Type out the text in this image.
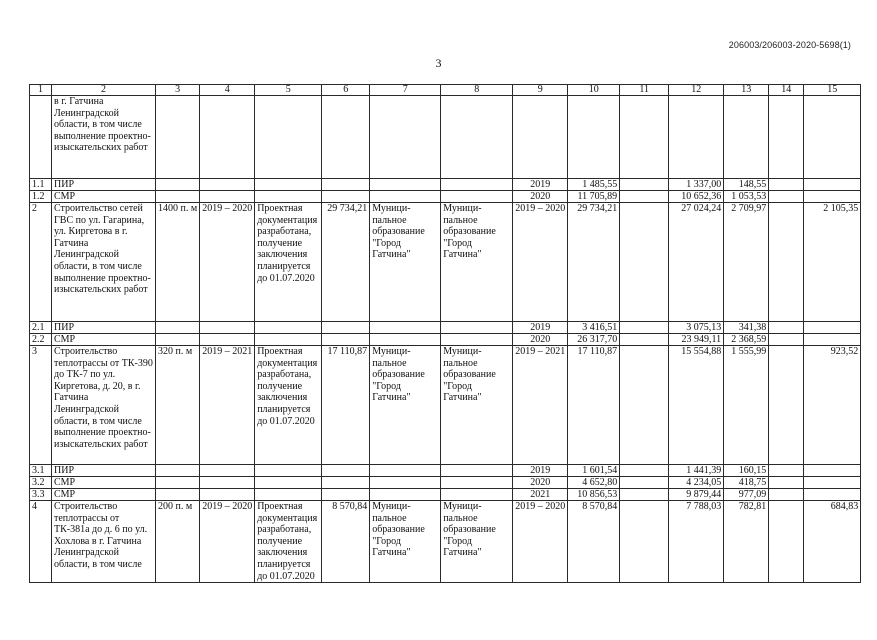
206003/206003-2020-5698(1)
3
1	2	3	4	5	6	7	8	9	10	11	12	13	14	15
	в г. Гатчина Ленинградской области, в том числе выполнение проектно-изыскательских работ													
1.1	ПИР							2019	1 485,55		1 337,00	148,55		
1.2	СМР							2020	11 705,89		10 652,36	1 053,53		
2	Строительство сетей ГВС по ул. Гагарина, ул. Киргетова в г. Гатчина Ленинградской области, в том числе выполнение проектно-изыскательских работ	1400 п. м	2019 – 2020	Проектная документация разработана, получение заключения планируется до 01.07.2020	29 734,21	Муници-пальное образование "Город Гатчина"	Муници-пальное образование "Город Гатчина"	2019 – 2020	29 734,21		27 024,24	2 709,97		2 105,35
2.1	ПИР							2019	3 416,51		3 075,13	341,38		
2.2	СМР							2020	26 317,70		23 949,11	2 368,59		
3	Строительство теплотрассы от ТК-390 до ТК-7 по ул. Киргетова, д. 20, в г. Гатчина Ленинградской области, в том числе выполнение проектно-изыскательских работ	320 п. м	2019 – 2021	Проектная документация разработана, получение заключения планируется до 01.07.2020	17 110,87	Муници-пальное образование "Город Гатчина"	Муници-пальное образование "Город Гатчина"	2019 – 2021	17 110,87		15 554,88	1 555,99		923,52
3.1	ПИР							2019	1 601,54		1 441,39	160,15		
3.2	СМР							2020	4 652,80		4 234,05	418,75		
3.3	СМР							2021	10 856,53		9 879,44	977,09		
4	Строительство теплотрассы от ТК-381а до д. 6 по ул. Хохлова в г. Гатчина Ленинградской области, в том числе	200 п. м	2019 – 2020	Проектная документация разработана, получение заключения планируется до 01.07.2020	8 570,84	Муници-пальное образование "Город Гатчина"	Муници-пальное образование "Город Гатчина"	2019 – 2020	8 570,84		7 788,03	782,81		684,83
